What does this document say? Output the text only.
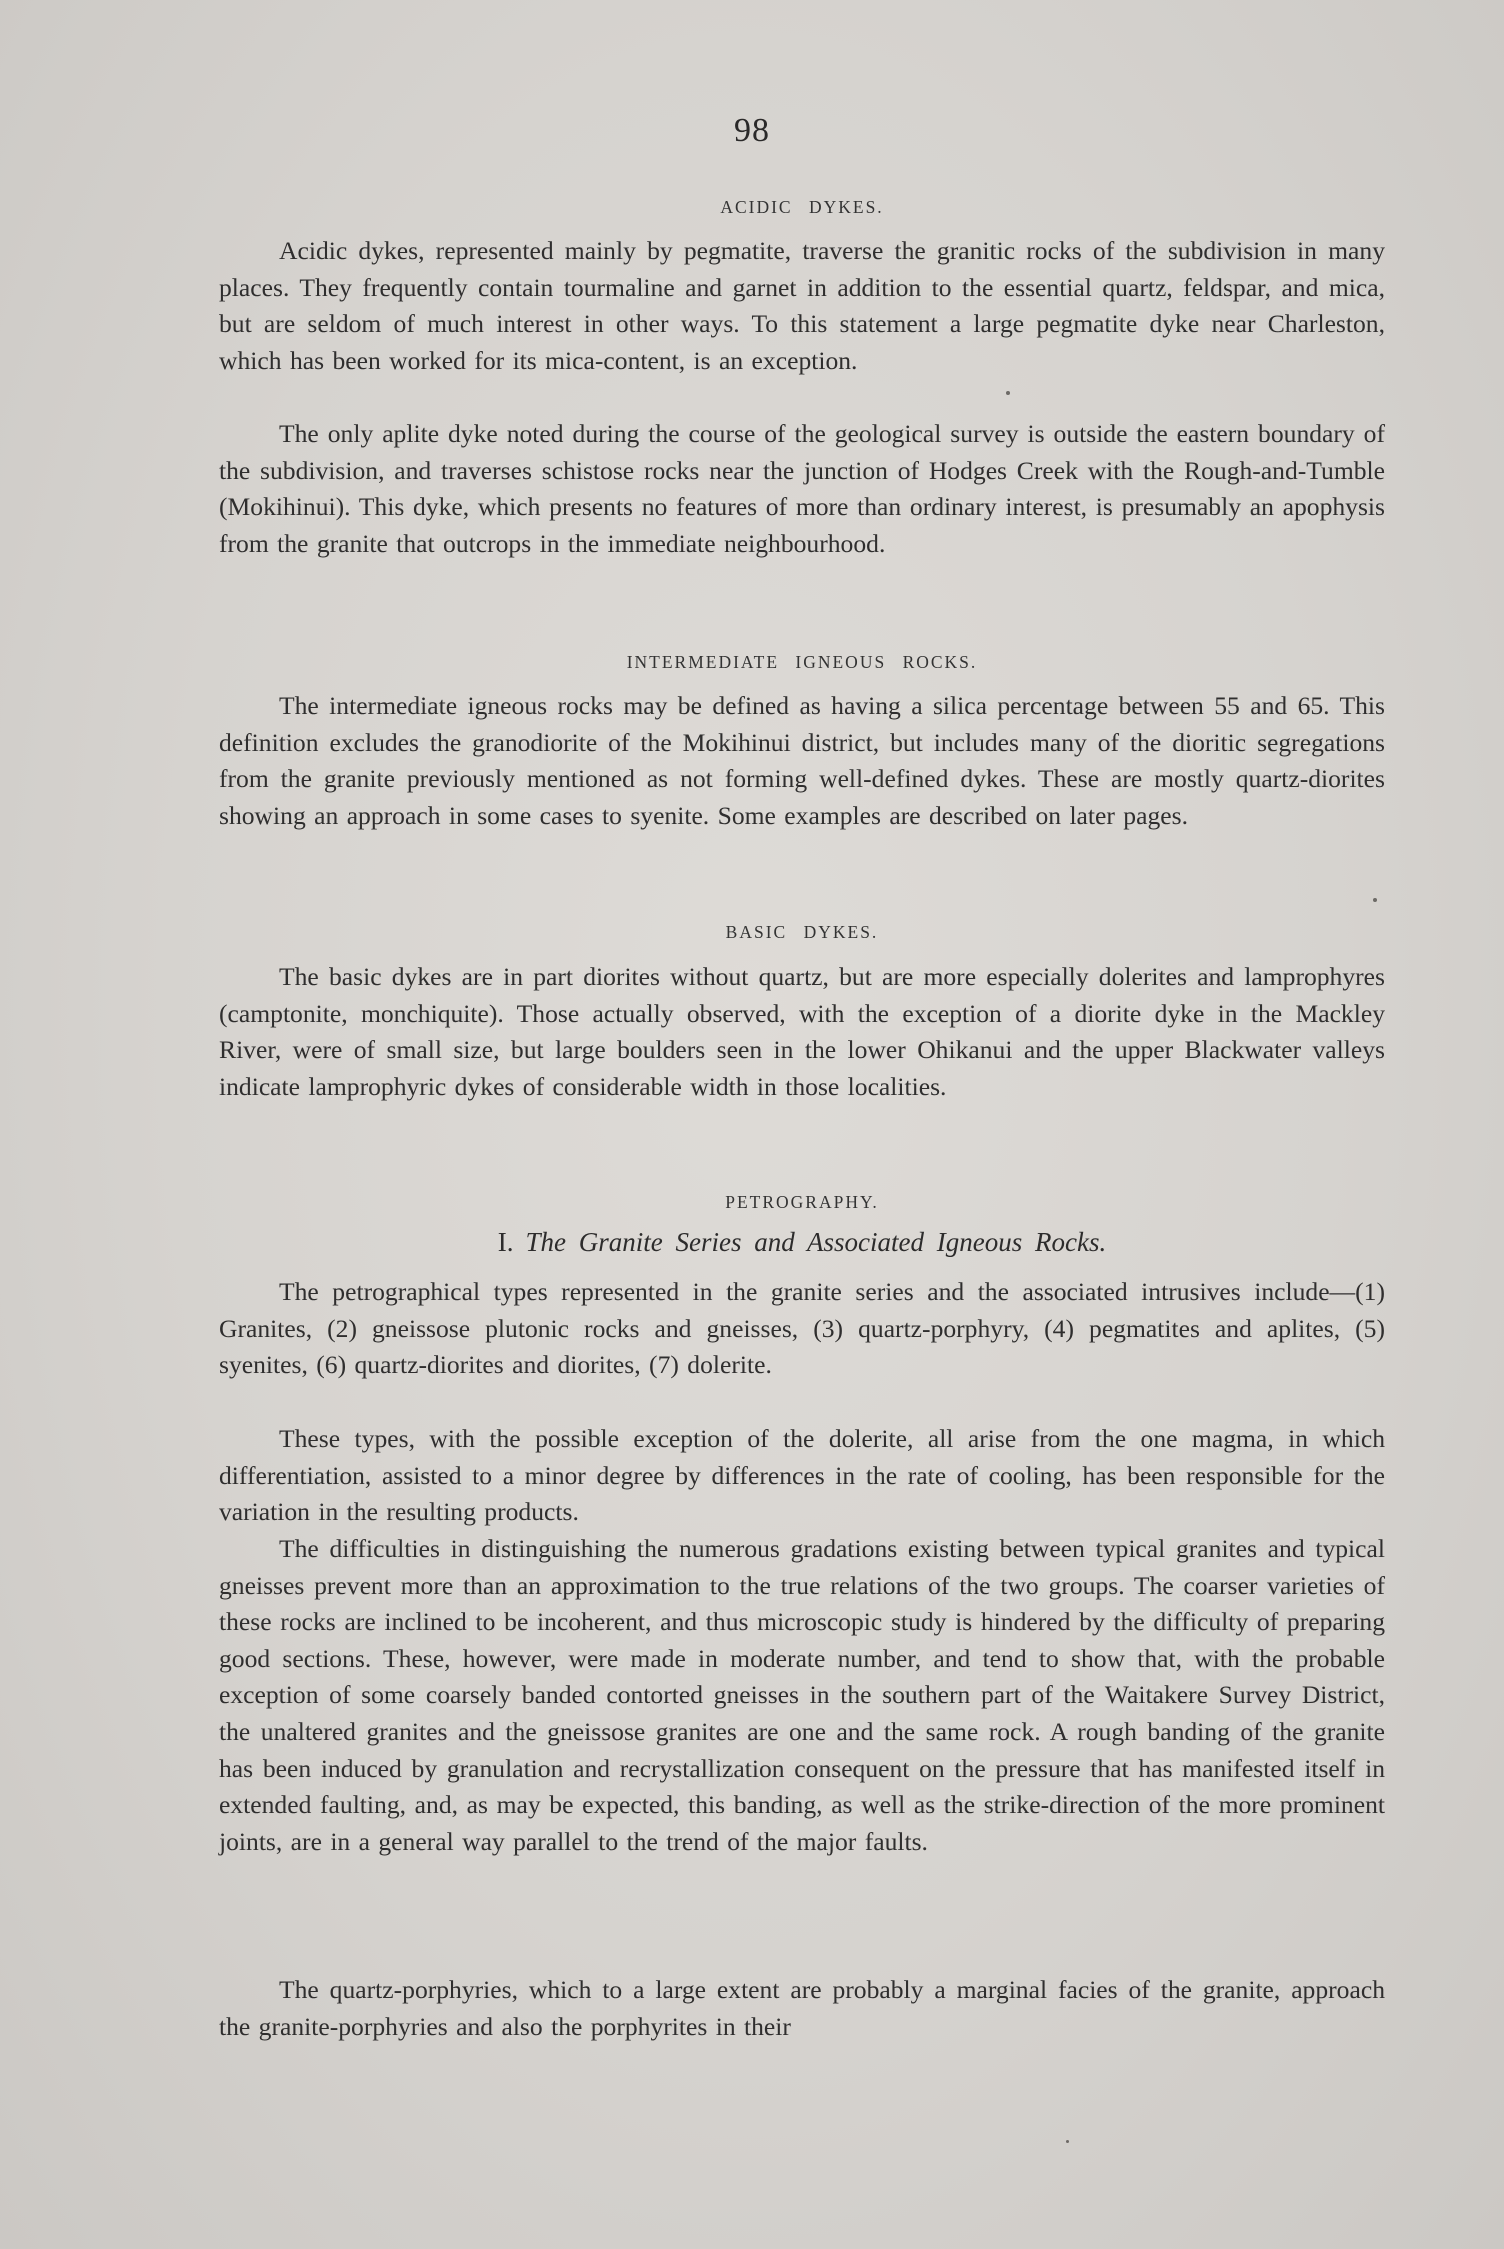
98
ACIDIC DYKES.

Acidic dykes, represented mainly by pegmatite, traverse the granitic rocks of the subdivision in many places. They frequently contain tourmaline and garnet in addition to the essential quartz, feldspar, and mica, but are seldom of much interest in other ways. To this statement a large pegmatite dyke near Charleston, which has been worked for its mica-content, is an exception.

The only aplite dyke noted during the course of the geological survey is outside the eastern boundary of the subdivision, and traverses schistose rocks near the junction of Hodges Creek with the Rough-and-Tumble (Mokihinui). This dyke, which presents no features of more than ordinary interest, is presumably an apophysis from the granite that outcrops in the immediate neighbourhood.

INTERMEDIATE IGNEOUS ROCKS.

The intermediate igneous rocks may be defined as having a silica percentage between 55 and 65. This definition excludes the granodiorite of the Mokihinui district, but includes many of the dioritic segregations from the granite previously mentioned as not forming well-defined dykes. These are mostly quartz-diorites showing an approach in some cases to syenite. Some examples are described on later pages.

BASIC DYKES.

The basic dykes are in part diorites without quartz, but are more especially dolerites and lamprophyres (camptonite, monchiquite). Those actually observed, with the exception of a diorite dyke in the Mackley River, were of small size, but large boulders seen in the lower Ohikanui and the upper Blackwater valleys indicate lamprophyric dykes of considerable width in those localities.

PETROGRAPHY.
I. The Granite Series and Associated Igneous Rocks.

The petrographical types represented in the granite series and the associated intrusives include—(1) Granites, (2) gneissose plutonic rocks and gneisses, (3) quartz-porphyry, (4) pegmatites and aplites, (5) syenites, (6) quartz-diorites and diorites, (7) dolerite.

These types, with the possible exception of the dolerite, all arise from the one magma, in which differentiation, assisted to a minor degree by differences in the rate of cooling, has been responsible for the variation in the resulting products.

The difficulties in distinguishing the numerous gradations existing between typical granites and typical gneisses prevent more than an approximation to the true relations of the two groups. The coarser varieties of these rocks are inclined to be incoherent, and thus microscopic study is hindered by the difficulty of preparing good sections. These, however, were made in moderate number, and tend to show that, with the probable exception of some coarsely banded contorted gneisses in the southern part of the Waitakere Survey District, the unaltered granites and the gneissose granites are one and the same rock. A rough banding of the granite has been induced by granulation and recrystallization consequent on the pressure that has manifested itself in extended faulting, and, as may be expected, this banding, as well as the strike-direction of the more prominent joints, are in a general way parallel to the trend of the major faults.

The quartz-porphyries, which to a large extent are probably a marginal facies of the granite, approach the granite-porphyries and also the porphyrites in their
